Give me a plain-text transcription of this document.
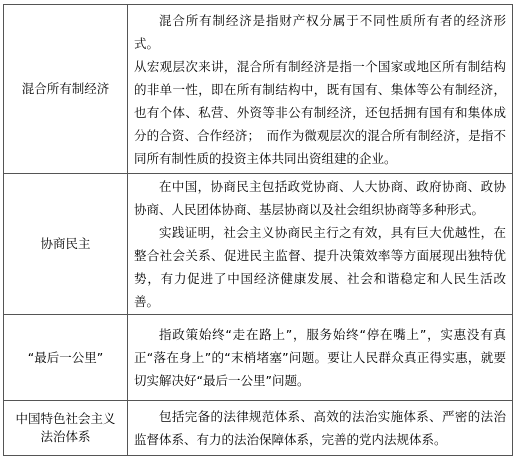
混合所有制经济	混合所有制经济是指财产权分属于不同性质所有者的经济形式。

从宏观层次来讲，混合所有制经济是指一个国家或地区所有制结构的非单一性，即在所有制结构中，既有国有、集体等公有制经济，也有个体、私营、外资等非公有制经济，还包括拥有国有和集体成分的合资、合作经济；　而作为微观层次的混合所有制经济，是指不同所有制性质的投资主体共同出资组建的企业。

协商民主	在中国，协商民主包括政党协商、人大协商、政府协商、政协协商、人民团体协商、基层协商以及社会组织协商等多种形式。

实践证明，社会主义协商民主行之有效，具有巨大优越性，在整合社会关系、促进民主监督、提升决策效率等方面展现出独特优势，有力促进了中国经济健康发展、社会和谐稳定和人民生活改善。

“最后一公里”	指政策始终“走在路上”，服务始终“停在嘴上”，实惠没有真正“落在身上”的“末梢堵塞”问题。要让人民群众真正得实惠，就要切实解决好“最后一公里”问题。

中国特色社会主义
法治体系	包括完备的法律规范体系、高效的法治实施体系、严密的法治监督体系、有力的法治保障体系，完善的党内法规体系。
